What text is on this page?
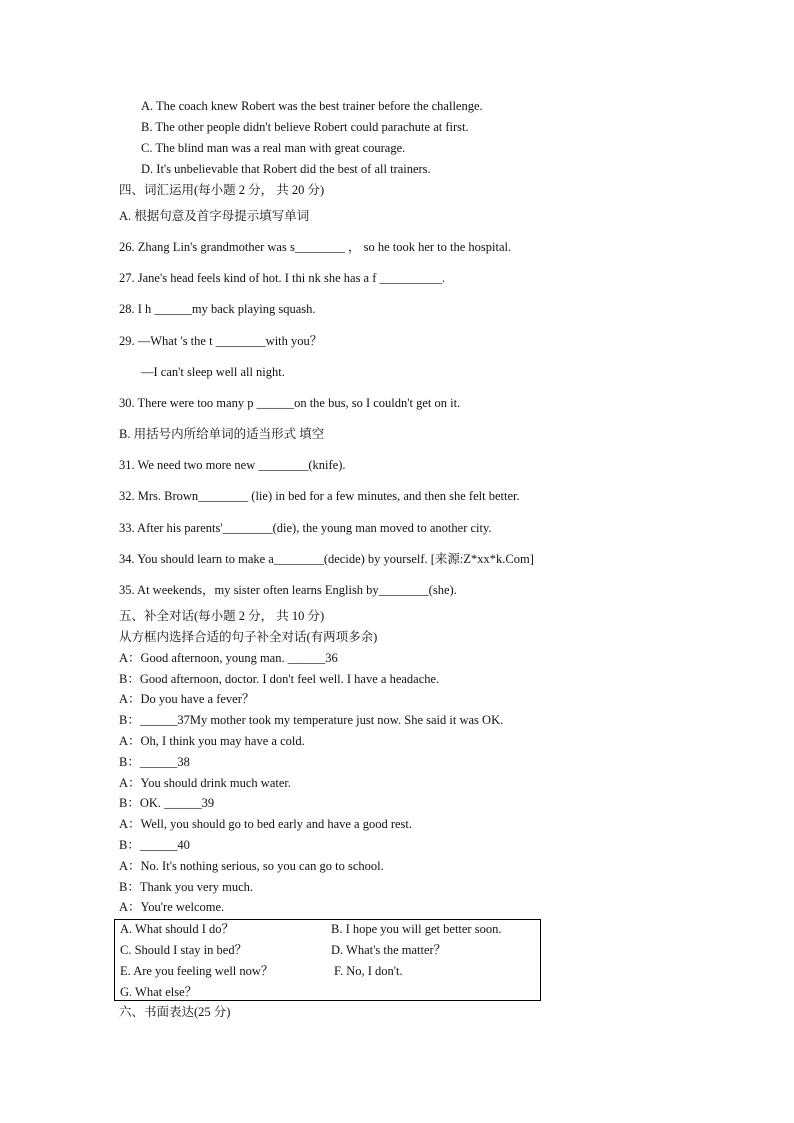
A. The coach knew Robert was the best trainer before the challenge.
B. The other people didn't believe Robert could parachute at first.
C. The blind man was a real man with great courage.
D. It's unbelievable that Robert did the best of all trainers.
四、词汇运用(每小题 2 分， 共 20 分)
A. 根据句意及首字母提示填写单词
26. Zhang Lin's grandmother was s________ ， so he took her to the hospital.
27. Jane's head feels kind of hot. I thi nk she has a f __________.
28. I h ______my back playing squash.
29. —What 's the t ________with you？
—I can't sleep well all night.
30. There were too many p ______on the bus, so I couldn't get on it.
B. 用括号内所给单词的适当形式 填空
31. We need two more new ________(knife).
32. Mrs. Brown________ (lie) in bed for a few minutes, and then she felt better.
33. After his parents'________(die), the young man moved to another city.
34. You should learn to make a________(decide) by yourself. [来源:Z*xx*k.Com]
35. At weekends，my sister often learns English by________(she).
五、补全对话(每小题 2 分， 共 10 分)
从方框内选择合适的句子补全对话(有两项多余)
A：Good afternoon, young man. ______36
B：Good afternoon, doctor. I don't feel well. I have a headache.
A：Do you have a fever？
B：______37My mother took my temperature just now. She said it was OK.
A：Oh, I think you may have a cold.
B：______38
A：You should drink much water.
B：OK. ______39
A：Well, you should go to bed early and have a good rest.
B：______40
A：No. It's nothing serious, so you can go to school.
B：Thank you very much.
A：You're welcome.
A. What should I do？	B. I hope you will get better soon.
C. Should I stay in bed？	D. What's the matter？
E. Are you feeling well now？	F. No, I don't.
G. What else？
六、书面表达(25 分)
